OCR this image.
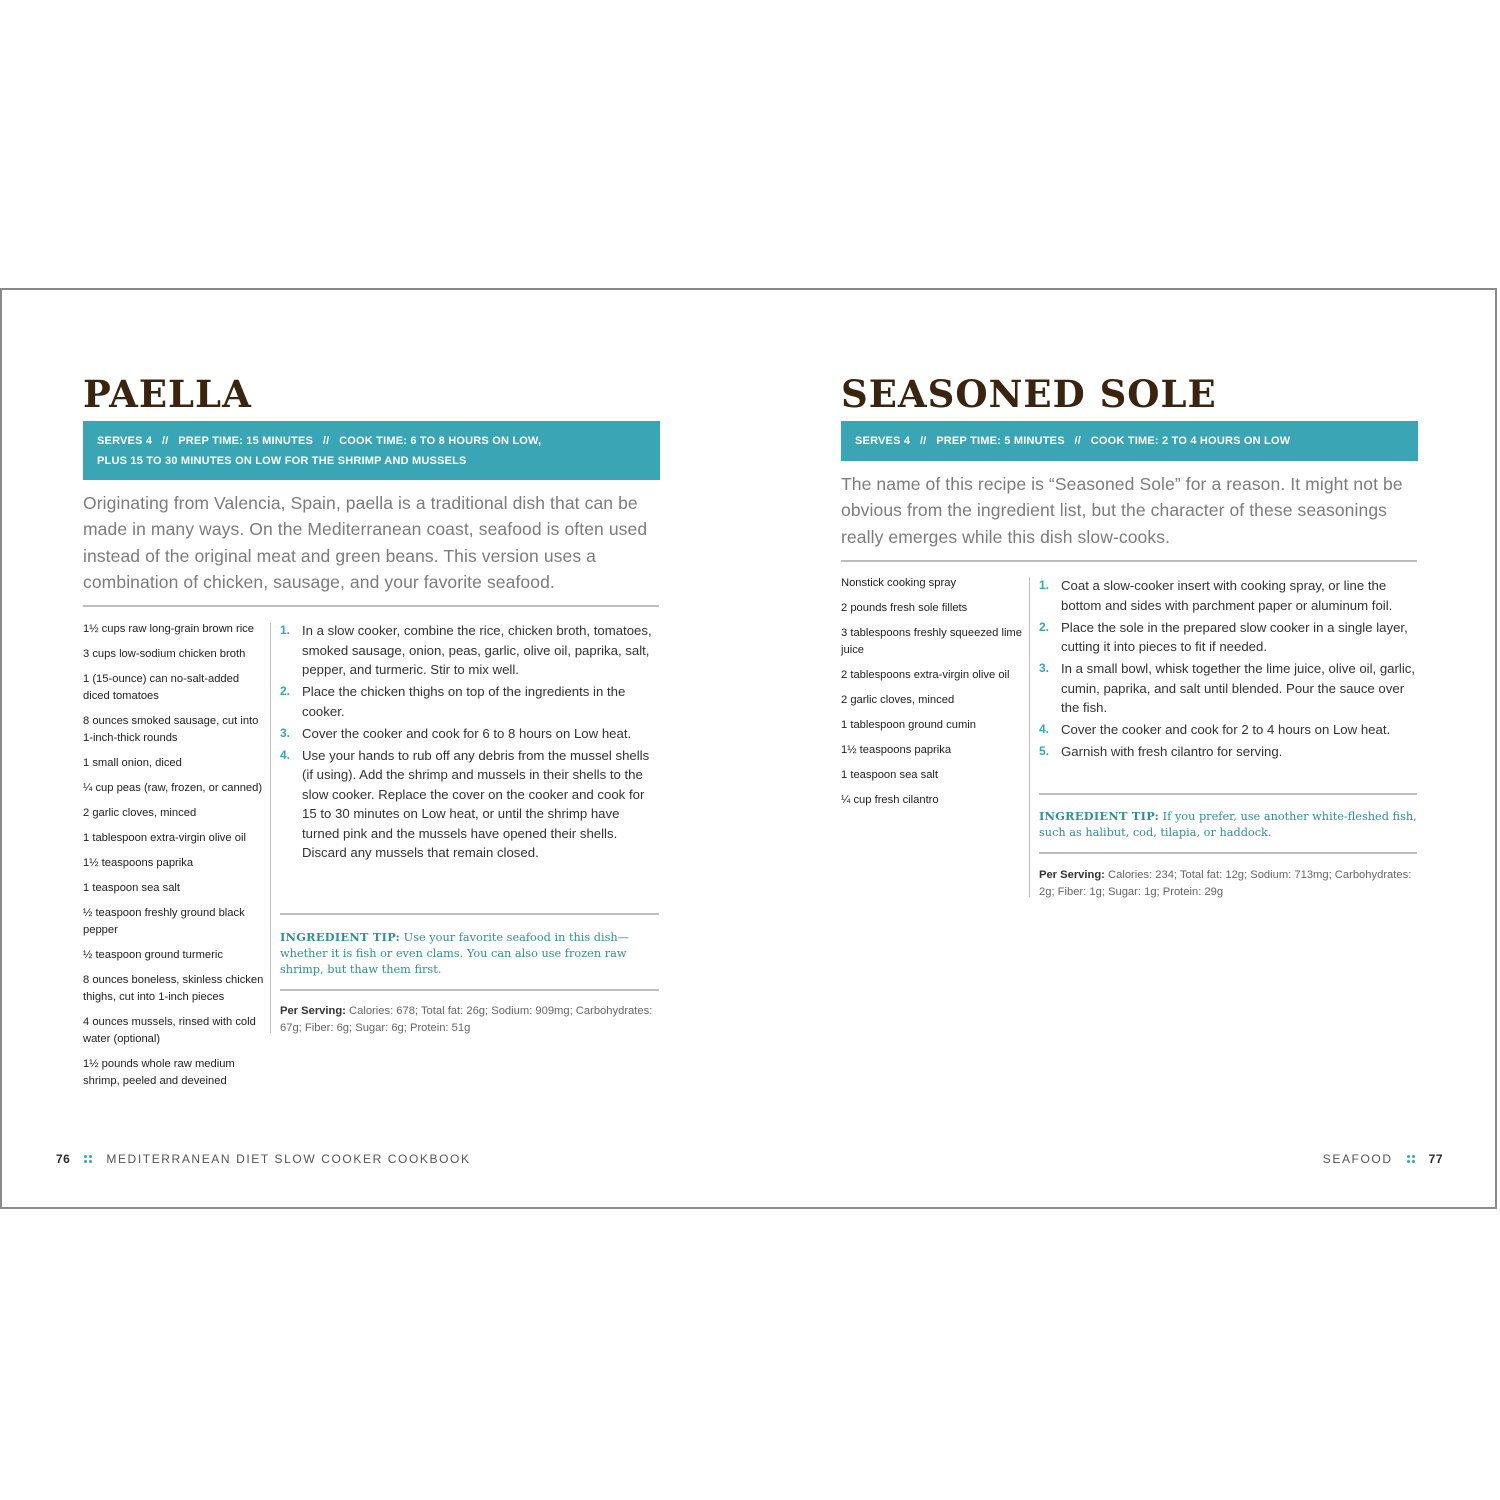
PAELLA
SERVES 4   //   PREP TIME: 15 MINUTES   //   COOK TIME: 6 TO 8 HOURS ON LOW,
PLUS 15 TO 30 MINUTES ON LOW FOR THE SHRIMP AND MUSSELS

Originating from Valencia, Spain, paella is a traditional dish that can be made in many ways. On the Mediterranean coast, seafood is often used instead of the original meat and green beans. This version uses a combination of chicken, sausage, and your favorite seafood.

1½ cups raw long-grain brown rice
3 cups low-sodium chicken broth
1 (15-ounce) can no-salt-added diced tomatoes
8 ounces smoked sausage, cut into 1-inch-thick rounds
1 small onion, diced
¼ cup peas (raw, frozen, or canned)
2 garlic cloves, minced
1 tablespoon extra-virgin olive oil
1½ teaspoons paprika
1 teaspoon sea salt
½ teaspoon freshly ground black pepper
½ teaspoon ground turmeric
8 ounces boneless, skinless chicken thighs, cut into 1-inch pieces
4 ounces mussels, rinsed with cold water (optional)
1½ pounds whole raw medium shrimp, peeled and deveined
1. In a slow cooker, combine the rice, chicken broth, tomatoes, smoked sausage, onion, peas, garlic, olive oil, paprika, salt, pepper, and turmeric. Stir to mix well.
2. Place the chicken thighs on top of the ingredients in the cooker.
3. Cover the cooker and cook for 6 to 8 hours on Low heat.
4. Use your hands to rub off any debris from the mussel shells (if using). Add the shrimp and mussels in their shells to the slow cooker. Replace the cover on the cooker and cook for 15 to 30 minutes on Low heat, or until the shrimp have turned pink and the mussels have opened their shells. Discard any mussels that remain closed.

INGREDIENT TIP: Use your favorite seafood in this dish—whether it is fish or even clams. You can also use frozen raw shrimp, but thaw them first.

Per Serving: Calories: 678; Total fat: 26g; Sodium: 909mg; Carbohydrates: 67g; Fiber: 6g; Sugar: 6g; Protein: 51g

76	MEDITERRANEAN DIET SLOW COOKER COOKBOOK
SEASONED SOLE
SERVES 4   //   PREP TIME: 5 MINUTES   //   COOK TIME: 2 TO 4 HOURS ON LOW

The name of this recipe is “Seasoned Sole” for a reason. It might not be obvious from the ingredient list, but the character of these seasonings really emerges while this dish slow-cooks.

Nonstick cooking spray
2 pounds fresh sole fillets
3 tablespoons freshly squeezed lime juice
2 tablespoons extra-virgin olive oil
2 garlic cloves, minced
1 tablespoon ground cumin
1½ teaspoons paprika
1 teaspoon sea salt
¼ cup fresh cilantro
1. Coat a slow-cooker insert with cooking spray, or line the bottom and sides with parchment paper or aluminum foil.
2. Place the sole in the prepared slow cooker in a single layer, cutting it into pieces to fit if needed.
3. In a small bowl, whisk together the lime juice, olive oil, garlic, cumin, paprika, and salt until blended. Pour the sauce over the fish.
4. Cover the cooker and cook for 2 to 4 hours on Low heat.
5. Garnish with fresh cilantro for serving.

INGREDIENT TIP: If you prefer, use another white-fleshed fish, such as halibut, cod, tilapia, or haddock.

Per Serving: Calories: 234; Total fat: 12g; Sodium: 713mg; Carbohydrates: 2g; Fiber: 1g; Sugar: 1g; Protein: 29g

SEAFOOD	77
